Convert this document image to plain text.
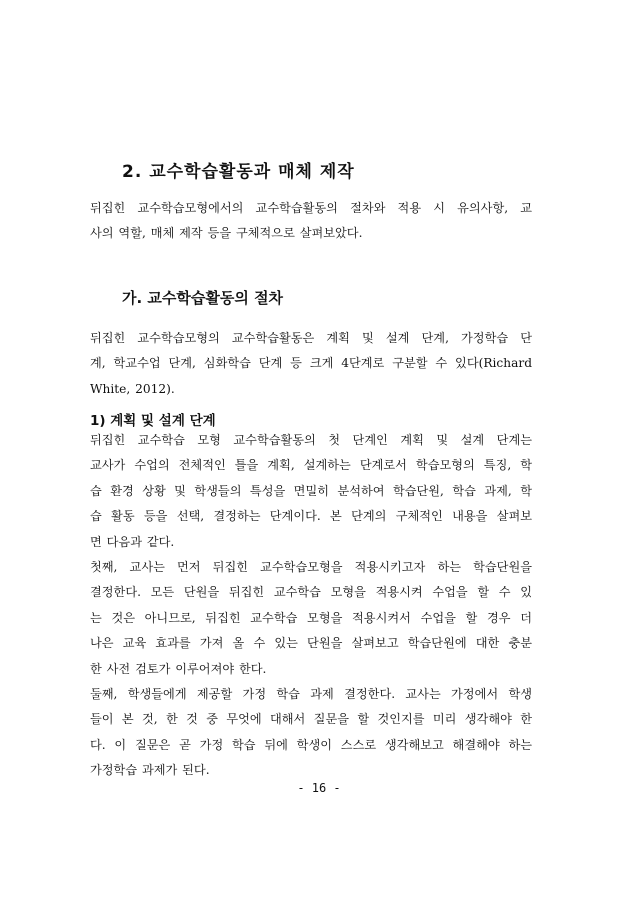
2. 교수학습활동과 매체 제작

뒤집힌 교수학습모형에서의 교수학습활동의 절차와 적용 시 유의사항, 교
사의 역할, 매체 제작 등을 구체적으로 살펴보았다.

가. 교수학습활동의 절차

뒤집힌 교수학습모형의 교수학습활동은 계획 및 설계 단계, 가정학습 단
계, 학교수업 단계, 심화학습 단계 등 크게 4단계로 구분할 수 있다(Richard
White, 2012).

1) 계획 및 설계 단계

뒤집힌 교수학습 모형 교수학습활동의 첫 단계인 계획 및 설계 단계는
교사가 수업의 전체적인 틀을 계획, 설계하는 단계로서 학습모형의 특징, 학
습 환경 상황 및 학생들의 특성을 면밀히 분석하여 학습단원, 학습 과제, 학
습 활동 등을 선택, 결정하는 단계이다. 본 단계의 구체적인 내용을 살펴보
면 다음과 같다.
첫째, 교사는 먼저 뒤집힌 교수학습모형을 적용시키고자 하는 학습단원을
결정한다. 모든 단원을 뒤집힌 교수학습 모형을 적용시켜 수업을 할 수 있
는 것은 아니므로, 뒤집힌 교수학습 모형을 적용시켜서 수업을 할 경우 더
나은 교육 효과를 가져 올 수 있는 단원을 살펴보고 학습단원에 대한 충분
한 사전 검토가 이루어져야 한다.
둘째, 학생들에게 제공할 가정 학습 과제 결정한다. 교사는 가정에서 학생
들이 본 것, 한 것 중 무엇에 대해서 질문을 할 것인지를 미리 생각해야 한
다. 이 질문은 곧 가정 학습 뒤에 학생이 스스로 생각해보고 해결해야 하는
가정학습 과제가 된다.

- 16 -
